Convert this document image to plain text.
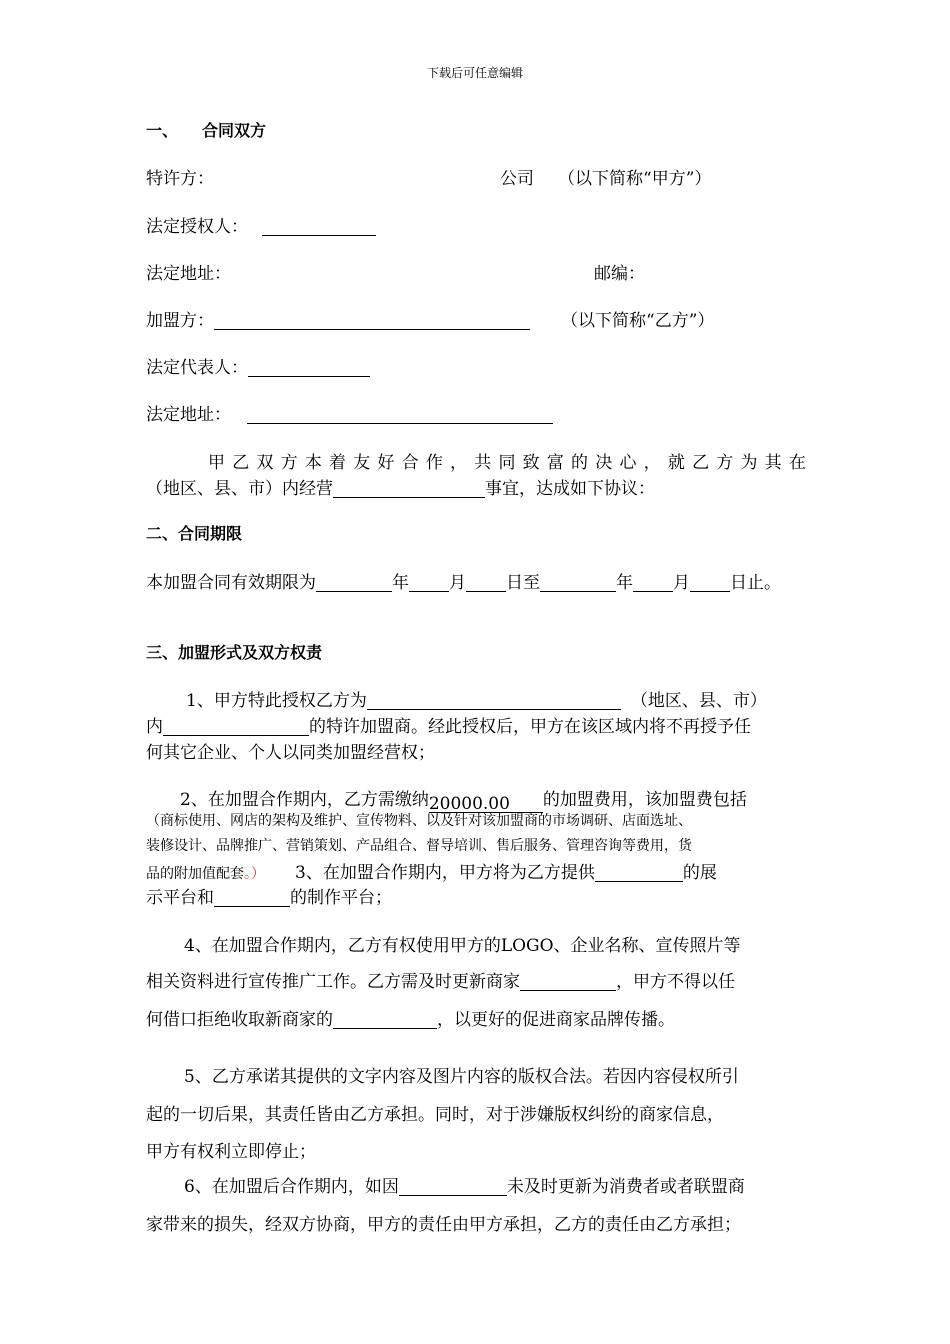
下载后可任意编辑
一、 合同双方
特许方：	公司 （以下简称“甲方”）
法定授权人：
法定地址：	邮编：
加盟方：	（以下简称“乙方”）
法定代表人：
法定地址：
甲 乙 双 方 本 着 友 好 合 作 ， 共 同 致 富 的 决 心 ， 就 乙 方 为 其 在
（地区、县、市）内经营	事宜，达成如下协议：
二、合同期限
本加盟合同有效期限为	年 月 日至	年 月 日止。
三、加盟形式及双方权责
1、甲方特此授权乙方为	（地区、县、市）
内	的特许加盟商。经此授权后，甲方在该区域内将不再授予任
何其它企业、个人以同类加盟经营权；
2、在加盟合作期内，乙方需缴纳20000.00 的加盟费用，该加盟费包括
（商标使用、网店的架构及维护、宣传物料、以及针对该加盟商的市场调研、店面选址、
装修设计、品牌推广、营销策划、产品组合、督导培训、售后服务、管理咨询等费用，货
品的附加值配套。） 3、在加盟合作期内，甲方将为乙方提供	的展
示平台和	的制作平台；
4、在加盟合作期内，乙方有权使用甲方的LOGO、企业名称、宣传照片等
相关资料进行宣传推广工作。乙方需及时更新商家	，甲方不得以任
何借口拒绝收取新商家的	，以更好的促进商家品牌传播。
5、乙方承诺其提供的文字内容及图片内容的版权合法。若因内容侵权所引
起的一切后果，其责任皆由乙方承担。同时，对于涉嫌版权纠纷的商家信息，
甲方有权利立即停止；
6、在加盟后合作期内，如因	未及时更新为消费者或者联盟商
家带来的损失，经双方协商，甲方的责任由甲方承担，乙方的责任由乙方承担；
